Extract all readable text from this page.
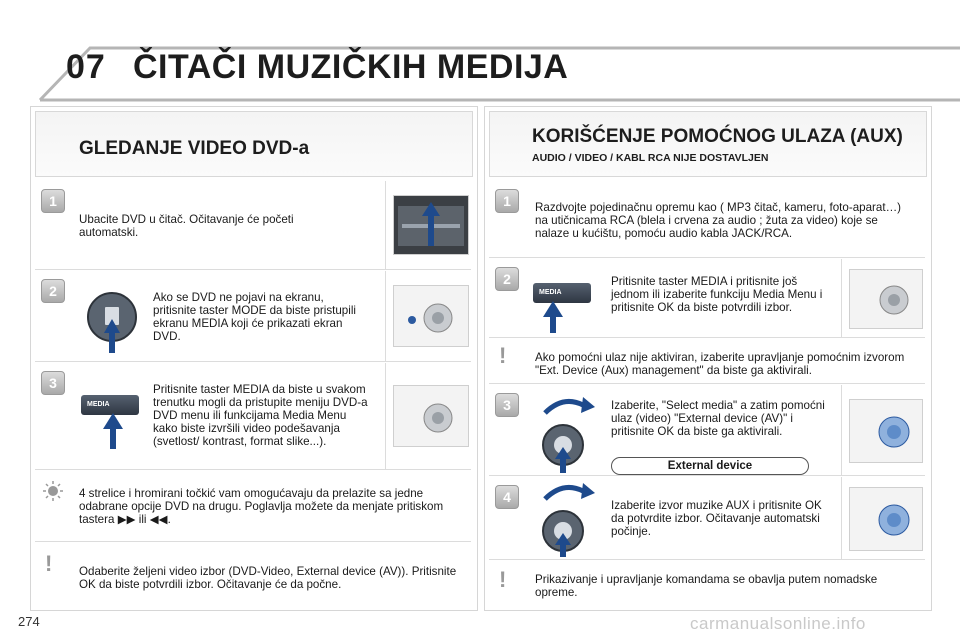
07 ČITAČI MUZIČKIH MEDIJA
GLEDANJE VIDEO DVD-a
1
Ubacite DVD u čitač. Očitavanje će početi automatski.
2	Ako se DVD ne pojavi na ekranu, pritisnite taster MODE da biste pristupili ekranu MEDIA koji će prikazati ekran DVD.
3
MEDIA
Pritisnite taster MEDIA da biste u svakom trenutku mogli da pristupite meniju DVD-a DVD menu ili funkcijama Media Menu kako biste izvršili video podešavanja (svetlost/ kontrast, format slike...).
4 strelice i hromirani točkić vam omogućavaju da prelazite sa jedne odabrane opcije DVD na drugu. Poglavlja možete da menjate pritiskom tastera ▶▶ ili ◀◀.
!	Odaberite željeni video izbor (DVD-Video, External device (AV)). Pritisnite OK da biste potvrdili izbor. Očitavanje će da počne.
KORIŠĆENJE POMOĆNOG ULAZA (AUX)
AUDIO / VIDEO / KABL RCA NIJE DOSTAVLJEN
1	Razdvojte pojedinačnu opremu kao ( MP3 čitač, kameru, foto-aparat…) na utičnicama RCA (blela i crvena za audio ; žuta za video) koje se nalaze u kućištu, pomoću audio kabla JACK/RCA.
2
MEDIA
Pritisnite taster MEDIA i pritisnite još jednom ili izaberite funkciju Media Menu i pritisnite OK da biste potvrdili izbor.
!	Ako pomoćni ulaz nije aktiviran, izaberite upravljanje pomoćnim izvorom "Ext. Device (Aux) management" da biste ga aktivirali.
3	Izaberite, "Select media" a zatim pomoćni ulaz (video) "External device (AV)" i pritisnite OK da biste ga aktivirali.
External device
4
Izaberite izvor muzike AUX i pritisnite OK da potvrdite izbor. Očitavanje automatski počinje.
!	Prikazivanje i upravljanje komandama se obavlja putem nomadske opreme.
274	carmanualsonline.info
